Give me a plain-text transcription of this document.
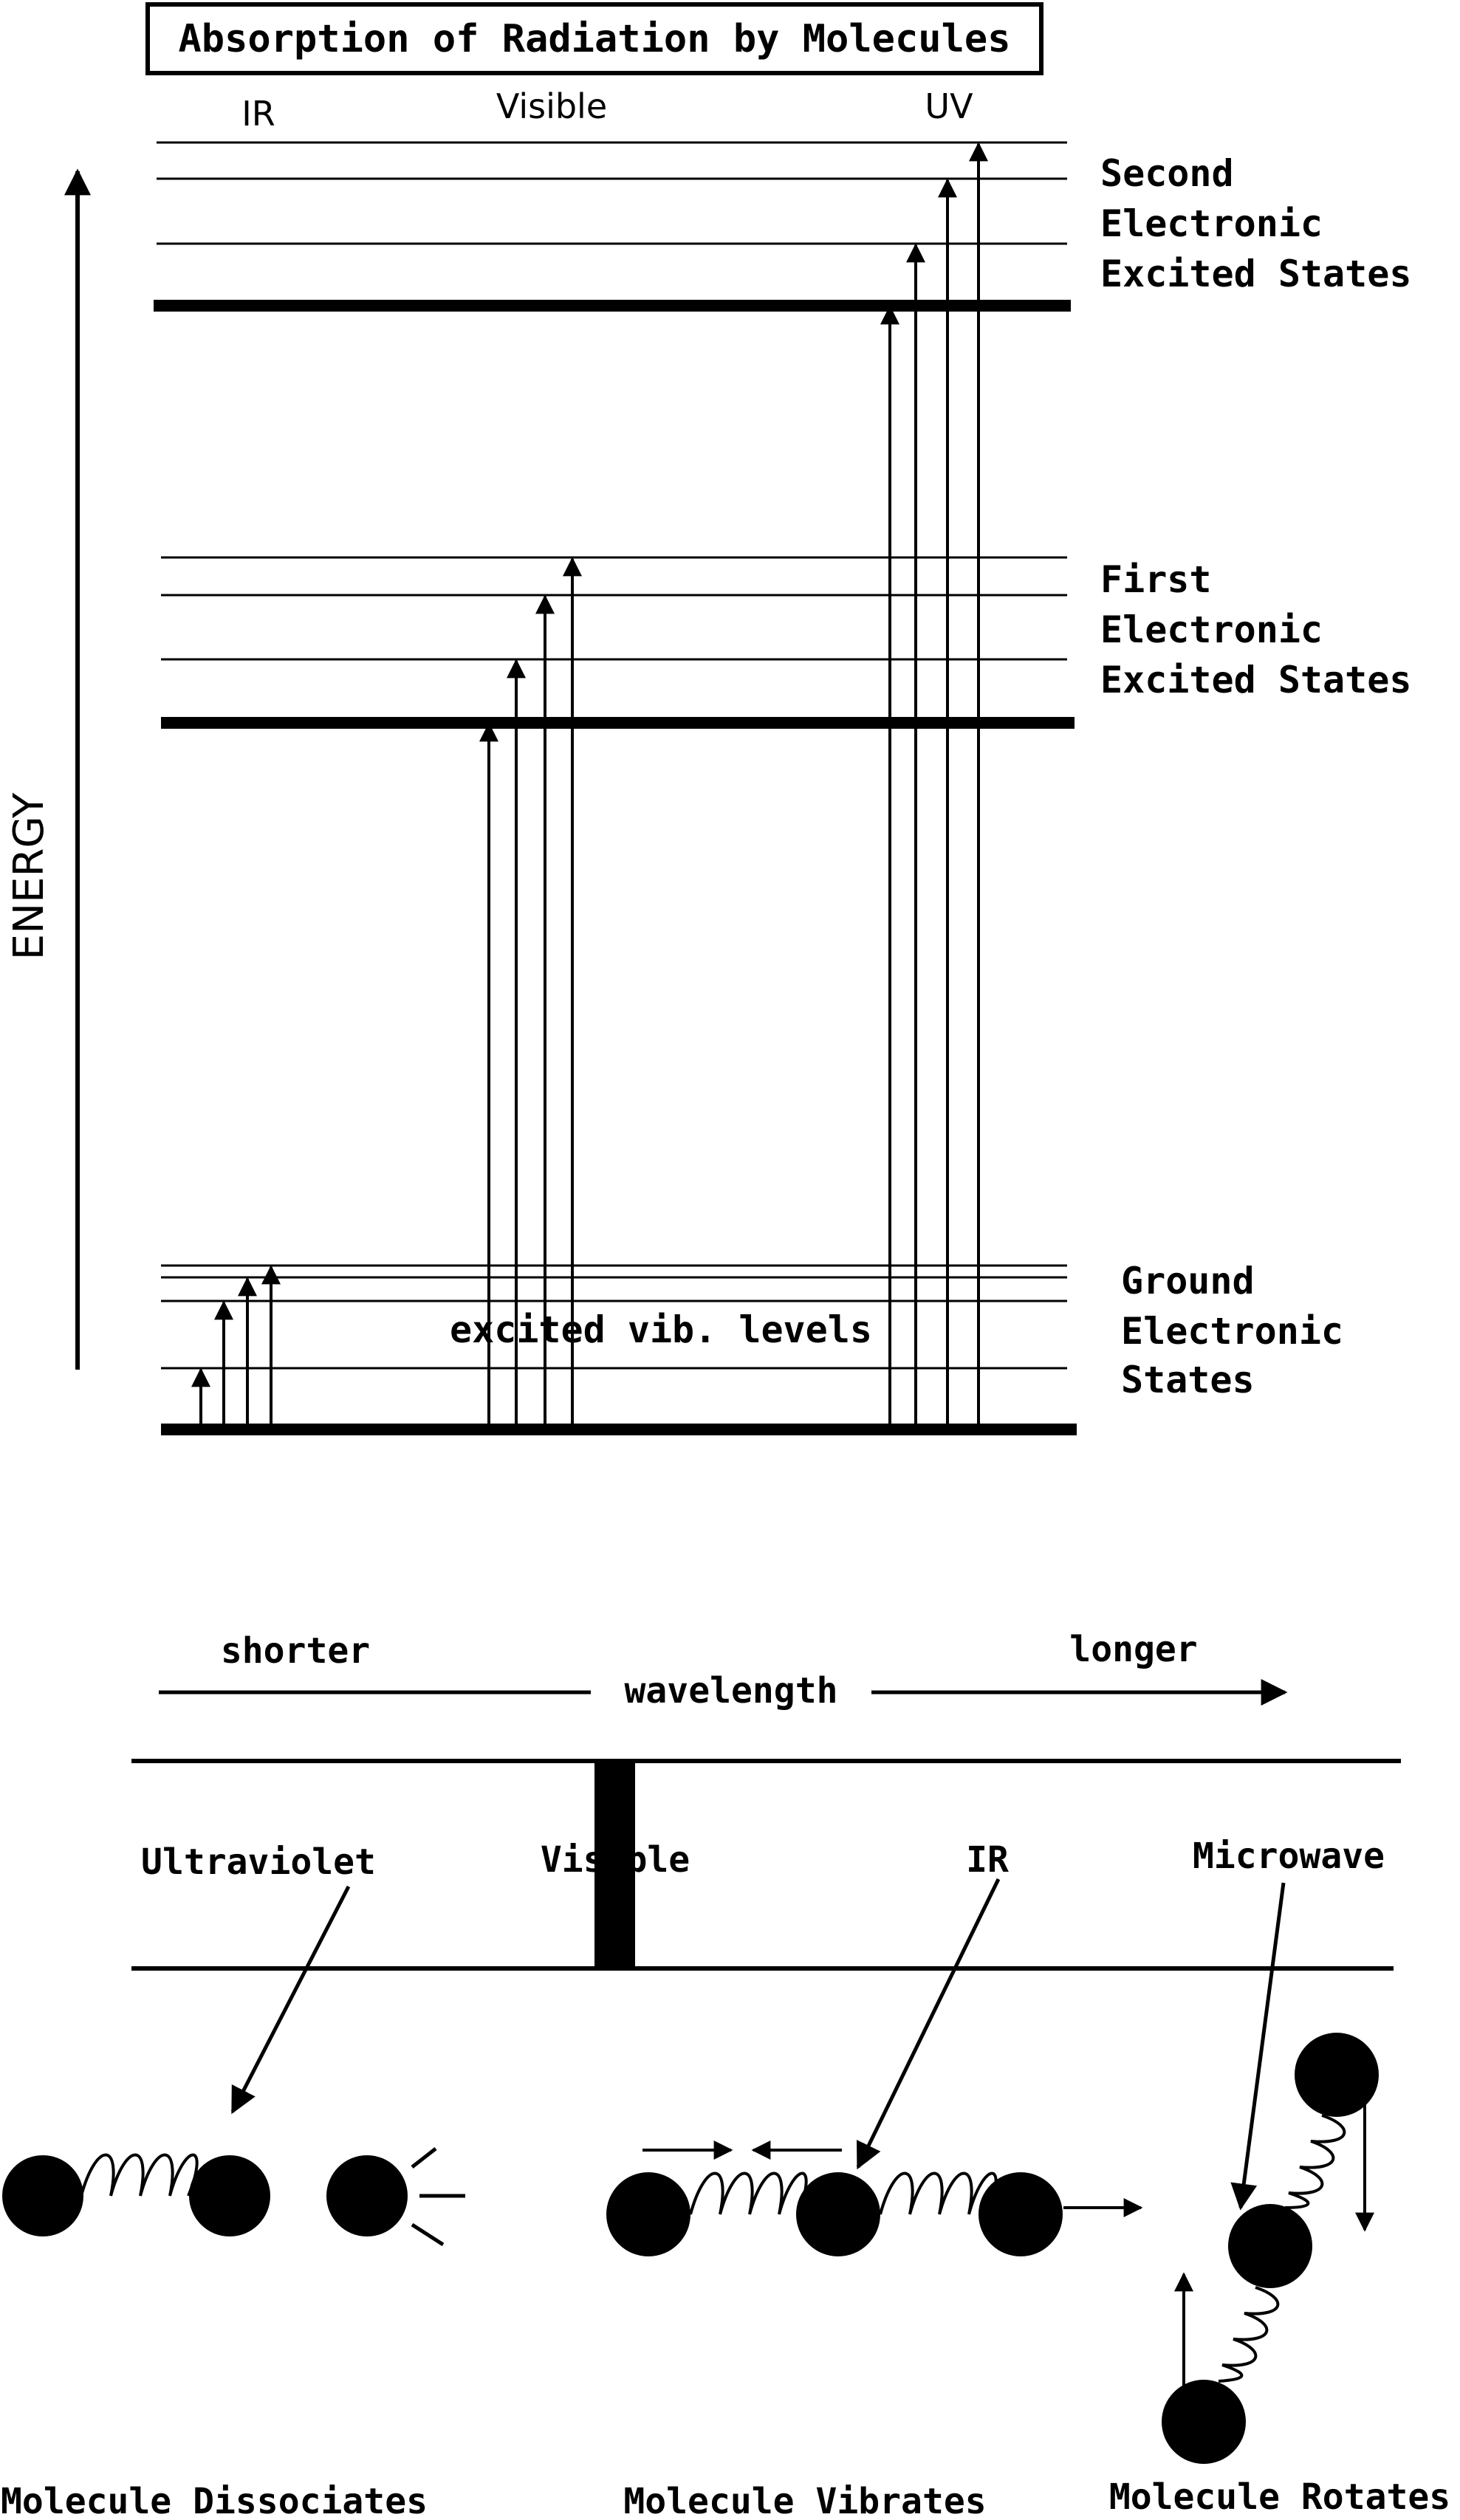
Absorption of Radiation by Molecules
IR	Visible	UV
ENERGY
Second
Electronic
Excited States
First
Electronic
Excited States
excited vib. levels
Ground
Electronic
States
shorter	longer
wavelength
Ultraviolet	Visible	IR	Microwave
Molecule Dissociates	Molecule Vibrates	Molecule Rotates
